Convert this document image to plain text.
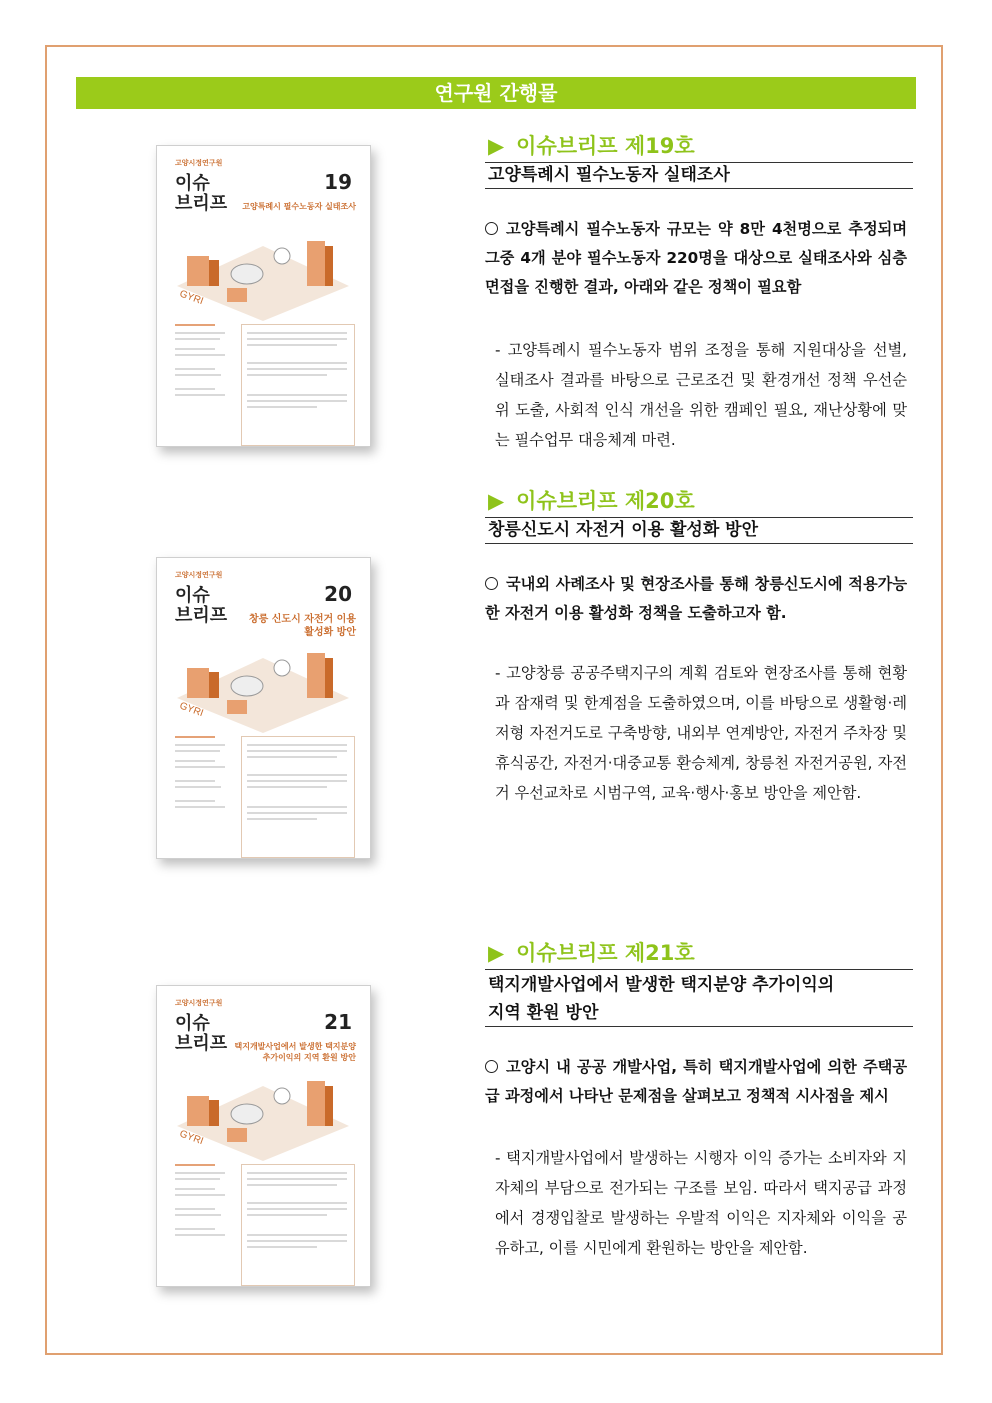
연구원 간행물
고양시정연구원
이슈
브리프
19
고양특례시 필수노동자 실태조사
GYRI
▶ 이슈브리프 제19호
고양특례시 필수노동자 실태조사
고양특례시 필수노동자 규모는 약 8만 4천명으로 추정되며 그중 4개 분야 필수노동자 220명을 대상으로 실태조사와 심층면접을 진행한 결과, 아래와 같은 정책이 필요함
- 고양특례시 필수노동자 범위 조정을 통해 지원대상을 선별, 실태조사 결과를 바탕으로 근로조건 및 환경개선 정책 우선순위 도출, 사회적 인식 개선을 위한 캠페인 필요, 재난상황에 맞는 필수업무 대응체계 마련.
고양시정연구원
이슈
브리프
20
창릉 신도시 자전거 이용 활성화 방안
GYRI
▶ 이슈브리프 제20호
창릉신도시 자전거 이용 활성화 방안
국내외 사례조사 및 현장조사를 통해 창릉신도시에 적용가능한 자전거 이용 활성화 정책을 도출하고자 함.
- 고양창릉 공공주택지구의 계획 검토와 현장조사를 통해 현황과 잠재력 및 한계점을 도출하였으며, 이를 바탕으로 생활형·레저형 자전거도로 구축방향, 내외부 연계방안, 자전거 주차장 및 휴식공간, 자전거·대중교통 환승체계, 창릉천 자전거공원, 자전거 우선교차로 시범구역, 교육·행사·홍보 방안을 제안함.
고양시정연구원
이슈
브리프
21
택지개발사업에서 발생한 택지분양 추가이익의 지역 환원 방안
GYRI
▶ 이슈브리프 제21호
택지개발사업에서 발생한 택지분양 추가이익의
지역 환원 방안
고양시 내 공공 개발사업, 특히 택지개발사업에 의한 주택공급 과정에서 나타난 문제점을 살펴보고 정책적 시사점을 제시
- 택지개발사업에서 발생하는 시행자 이익 증가는 소비자와 지자체의 부담으로 전가되는 구조를 보임. 따라서 택지공급 과정에서 경쟁입찰로 발생하는 우발적 이익은 지자체와 이익을 공유하고, 이를 시민에게 환원하는 방안을 제안함.
